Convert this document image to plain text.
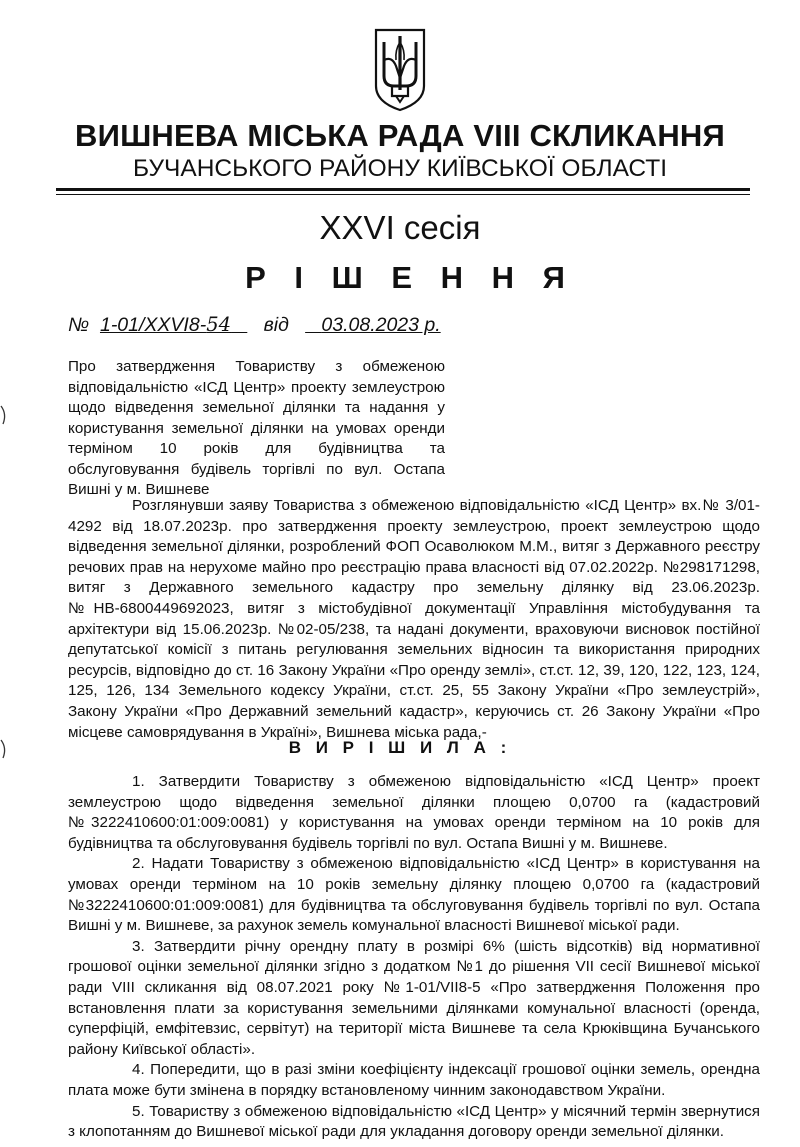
ВИШНЕВА МІСЬКА РАДА VIII СКЛИКАННЯ
БУЧАНСЬКОГО РАЙОНУ КИЇВСЬКОЇ ОБЛАСТІ
XXVI сесія
Р І Ш Е Н Н Я
№ 1-01/XXVI8-54 від 03.08.2023 р.
Про затвердження Товариству з обмеженою відповідальністю «ІСД Центр» проекту землеустрою щодо відведення земельної ділянки та надання у користування земельної ділянки на умовах оренди терміном 10 років для будівництва та обслуговування будівель торгівлі по вул. Остапа Вишні у м. Вишневе
Розглянувши заяву Товариства з обмеженою відповідальністю «ІСД Центр» вх.№ 3/01-4292 від 18.07.2023р. про затвердження проекту землеустрою, проект землеустрою щодо відведення земельної ділянки, розроблений ФОП Осаволюком М.М., витяг з Державного реєстру речових прав на нерухоме майно про реєстрацію права власності від 07.02.2022р. №298171298, витяг з Державного земельного кадастру про земельну ділянку від 23.06.2023р. №НВ-6800449692023, витяг з містобудівної документації Управління містобудування та архітектури від 15.06.2023р. №02-05/238, та надані документи, враховуючи висновок постійної депутатської комісії з питань регулювання земельних відносин та використання природних ресурсів, відповідно до ст. 16 Закону України «Про оренду землі», ст.ст. 12, 39, 120, 122, 123, 124, 125, 126, 134 Земельного кодексу України, ст.ст. 25, 55 Закону України «Про землеустрій», Закону України «Про Державний земельний кадастр», керуючись ст. 26 Закону України «Про місцеве самоврядування в Україні», Вишнева міська рада,-
В И Р І Ш И Л А :

1. Затвердити Товариству з обмеженою відповідальністю «ІСД Центр» проект землеустрою щодо відведення земельної ділянки площею 0,0700 га (кадастровий №3222410600:01:009:0081) у користування на умовах оренди терміном на 10 років для будівництва та обслуговування будівель торгівлі по вул. Остапа Вишні у м. Вишневе.

2. Надати Товариству з обмеженою відповідальністю «ІСД Центр» в користування на умовах оренди терміном на 10 років земельну ділянку площею 0,0700 га (кадастровий №3222410600:01:009:0081) для будівництва та обслуговування будівель торгівлі по вул. Остапа Вишні у м. Вишневе, за рахунок земель комунальної власності Вишневої міської ради.

3. Затвердити річну орендну плату в розмірі 6% (шість відсотків) від нормативної грошової оцінки земельної ділянки згідно з додатком №1 до рішення VII сесії Вишневої міської ради VIII скликання від 08.07.2021 року №1-01/VII8-5 «Про затвердження Положення про встановлення плати за користування земельними ділянками комунальної власності (оренда, суперфіцій, емфітевзис, сервітут) на території міста Вишневе та села Крюківщина Бучанського району Київської області».

4. Попередити, що в разі зміни коефіцієнту індексації грошової оцінки земель, орендна плата може бути змінена в порядку встановленому чинним законодавством України.

5. Товариству з обмеженою відповідальністю «ІСД Центр» у місячний термін звернутися з клопотанням до Вишневої міської ради для укладання договору оренди земельної ділянки.
